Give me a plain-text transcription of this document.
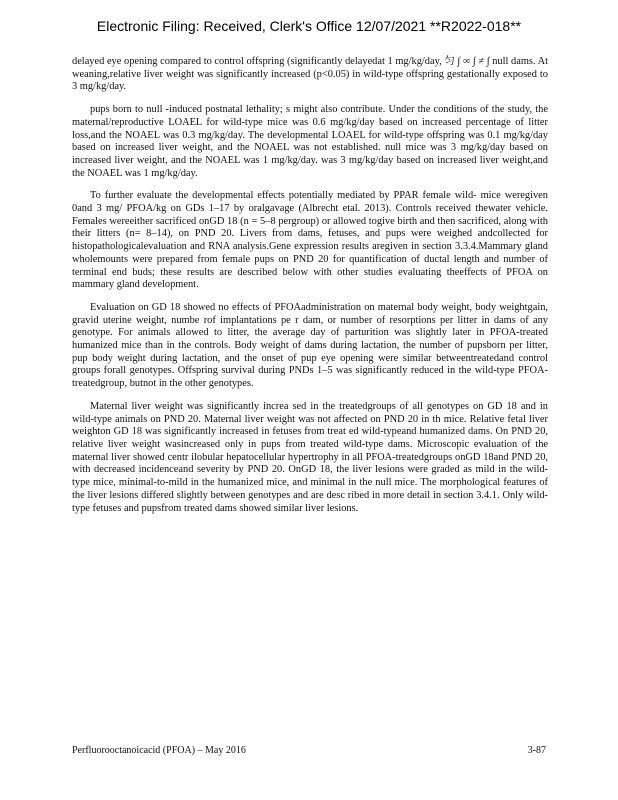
Electronic Filing: Received, Clerk's Office 12/07/2021 **R2022-018**

delayed eye opening compared to control offspring (significantly delayedat 1 mg/kg/day, 匀 ∫ ∞ ∫ ≠ ∫ null dams. At weaning,relative liver weight was significantly increased (p<0.05) in wild-type offspring gestationally exposed to 3 mg/kg/day.

pups born to null -induced postnatal lethality; s might also contribute. Under the conditions of the study, the maternal/reproductive LOAEL for wild-type mice was 0.6 mg/kg/day based on increased percentage of litter loss,and the NOAEL was 0.3 mg/kg/day. The developmental LOAEL for wild-type offspring was 0.1 mg/kg/day based on increased liver weight, and the NOAEL was not established. null mice was 3 mg/kg/day based on increased liver weight, and the NOAEL was 1 mg/kg/day. was 3 mg/kg/day based on increased liver weight,and the NOAEL was 1 mg/kg/day.

To further evaluate the developmental effects potentially mediated by PPAR female wild- mice weregiven 0and 3 mg/ PFOA/kg on GDs 1–17 by oralgavage (Albrecht etal. 2013). Controls received thewater vehicle. Females wereeither sacrificed onGD 18 (n = 5–8 pergroup) or allowed togive birth and then sacrificed, along with their litters (n= 8–14), on PND 20. Livers from dams, fetuses, and pups were weighed andcollected for histopathologicalevaluation and RNA analysis.Gene expression results aregiven in section 3.3.4.Mammary gland wholemounts were prepared from female pups on PND 20 for quantification of ductal length and number of terminal end buds; these results are described below with other studies evaluating theeffects of PFOA on mammary gland development.

Evaluation on GD 18 showed no effects of PFOAadministration on maternal body weight, body weightgain, gravid uterine weight, numbe rof implantations pe r dam, or number of resorptions per litter in dams of any genotype. For animals allowed to litter, the average day of parturition was slightly later in PFOA-treated humanized mice than in the controls. Body weight of dams during lactation, the number of pupsborn per litter, pup body weight during lactation, and the onset of pup eye opening were similar betweentreatedand control groups forall genotypes. Offspring survival during PNDs 1–5 was significantly reduced in the wild-type PFOA-treatedgroup, butnot in the other genotypes.

Maternal liver weight was significantly increa sed in the treatedgroups of all genotypes on GD 18 and in wild-type animals on PND 20. Maternal liver weight was not affected on PND 20 in th mice. Relative fetal liver weighton GD 18 was significantly increased in fetuses from treat ed wild-typeand humanized dams. On PND 20, relative liver weight wasincreased only in pups from treated wild-type dams. Microscopic evaluation of the maternal liver showed centr ilobular hepatocellular hypertrophy in all PFOA-treatedgroups onGD 18and PND 20, with decreased incidenceand severity by PND 20. OnGD 18, the liver lesions were graded as mild in the wild-type mice, minimal-to-mild in the humanized mice, and minimal in the null mice. The morphological features of the liver lesions differed slightly between genotypes and are desc ribed in more detail in section 3.4.1. Only wild-type fetuses and pupsfrom treated dams showed similar liver lesions.

Perfluorooctanoicacid (PFOA) – May 2016	3-87
